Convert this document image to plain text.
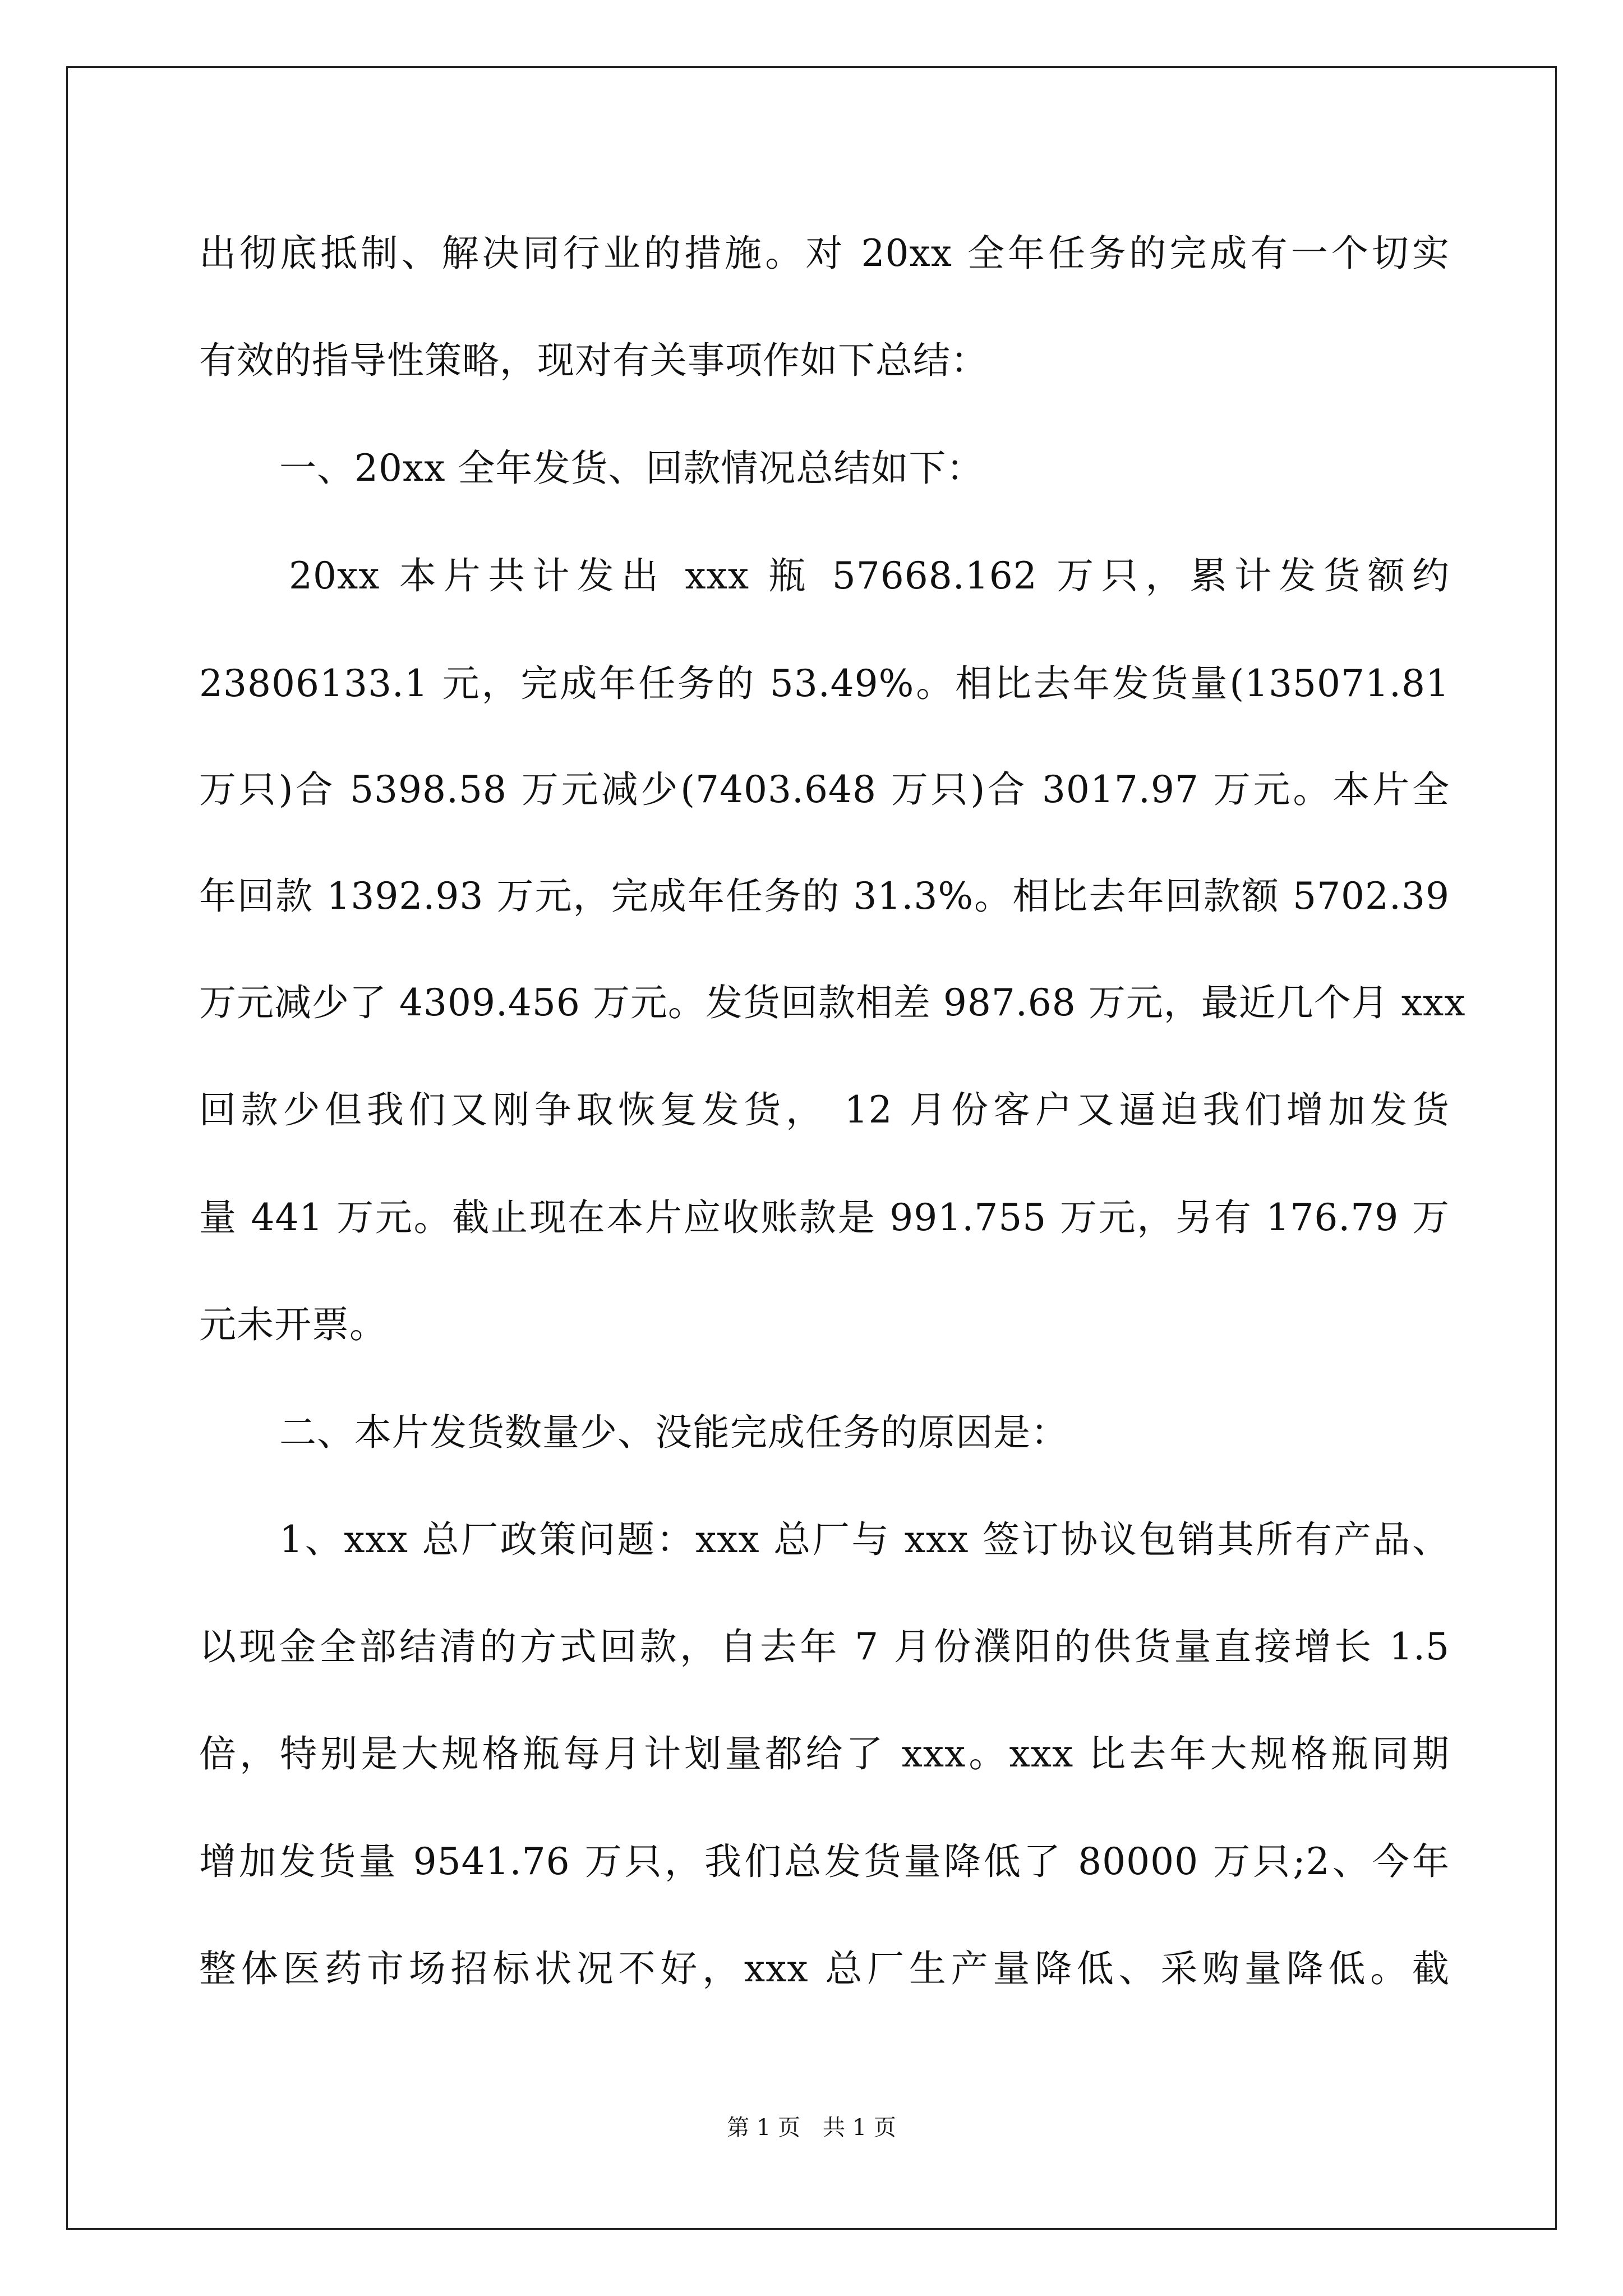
出彻底抵制、解决同行业的措施。对 20xx 全年任务的完成有一个切实
有效的指导性策略，现对有关事项作如下总结：
一、20xx 全年发货、回款情况总结如下：
20xx 本片共计发出 xxx 瓶 57668.162 万只，累计发货额约
23806133.1 元，完成年任务的 53.49%。相比去年发货量(135071.81
万只)合 5398.58 万元减少(7403.648 万只)合 3017.97 万元。本片全
年回款 1392.93 万元，完成年任务的 31.3%。相比去年回款额 5702.39
万元减少了 4309.456 万元。发货回款相差 987.68 万元，最近几个月 xxx
回款少但我们又刚争取恢复发货， 12 月份客户又逼迫我们增加发货
量 441 万元。截止现在本片应收账款是 991.755 万元，另有 176.79 万
元未开票。
二、本片发货数量少、没能完成任务的原因是：
1、xxx 总厂政策问题：xxx 总厂与 xxx 签订协议包销其所有产品、
以现金全部结清的方式回款，自去年 7 月份濮阳的供货量直接增长 1.5
倍，特别是大规格瓶每月计划量都给了 xxx。xxx 比去年大规格瓶同期
增加发货量 9541.76 万只，我们总发货量降低了 80000 万只;2、今年
整体医药市场招标状况不好，xxx 总厂生产量降低、采购量降低。截
第 1 页　共 1 页
